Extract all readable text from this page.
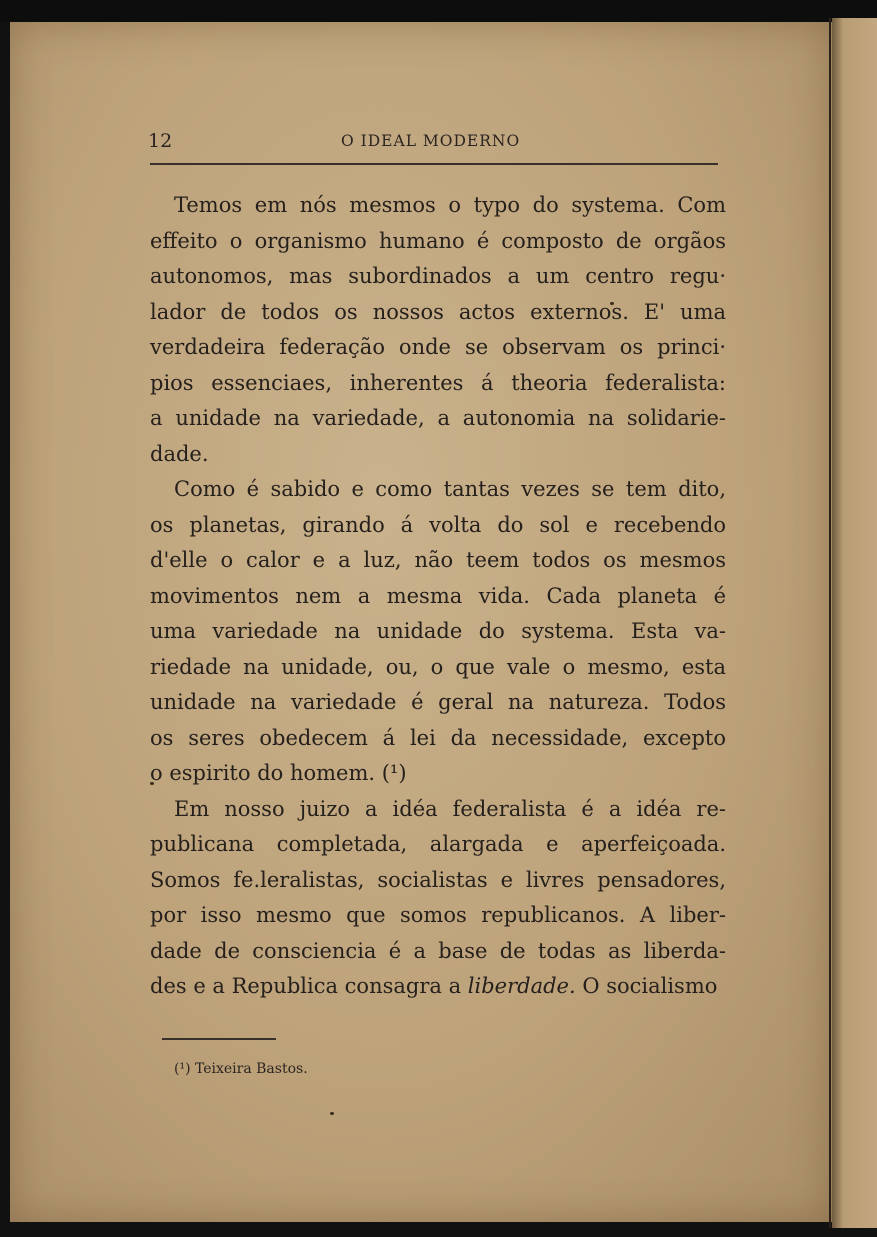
12	O IDEAL MODERNO
Temos em nós mesmos o typo do systema. Com
effeito o organismo humano é composto de orgãos
autonomos, mas subordinados a um centro regu·
lador de todos os nossos actos externos. E' uma
verdadeira federação onde se observam os princi·
pios essenciaes, inherentes á theoria federalista:
a unidade na variedade, a autonomia na solidarie-
dade.
Como é sabido e como tantas vezes se tem dito,
os planetas, girando á volta do sol e recebendo
d'elle o calor e a luz, não teem todos os mesmos
movimentos nem a mesma vida. Cada planeta é
uma variedade na unidade do systema. Esta va-
riedade na unidade, ou, o que vale o mesmo, esta
unidade na variedade é geral na natureza. Todos
os seres obedecem á lei da necessidade, excepto
o espirito do homem. (¹)
Em nosso juizo a idéa federalista é a idéa re-
publicana completada, alargada e aperfeiçoada.
Somos fe.leralistas, socialistas e livres pensadores,
por isso mesmo que somos republicanos. A liber-
dade de consciencia é a base de todas as liberda-
des e a Republica consagra a liberdade. O socialismo
(¹) Teixeira Bastos.
